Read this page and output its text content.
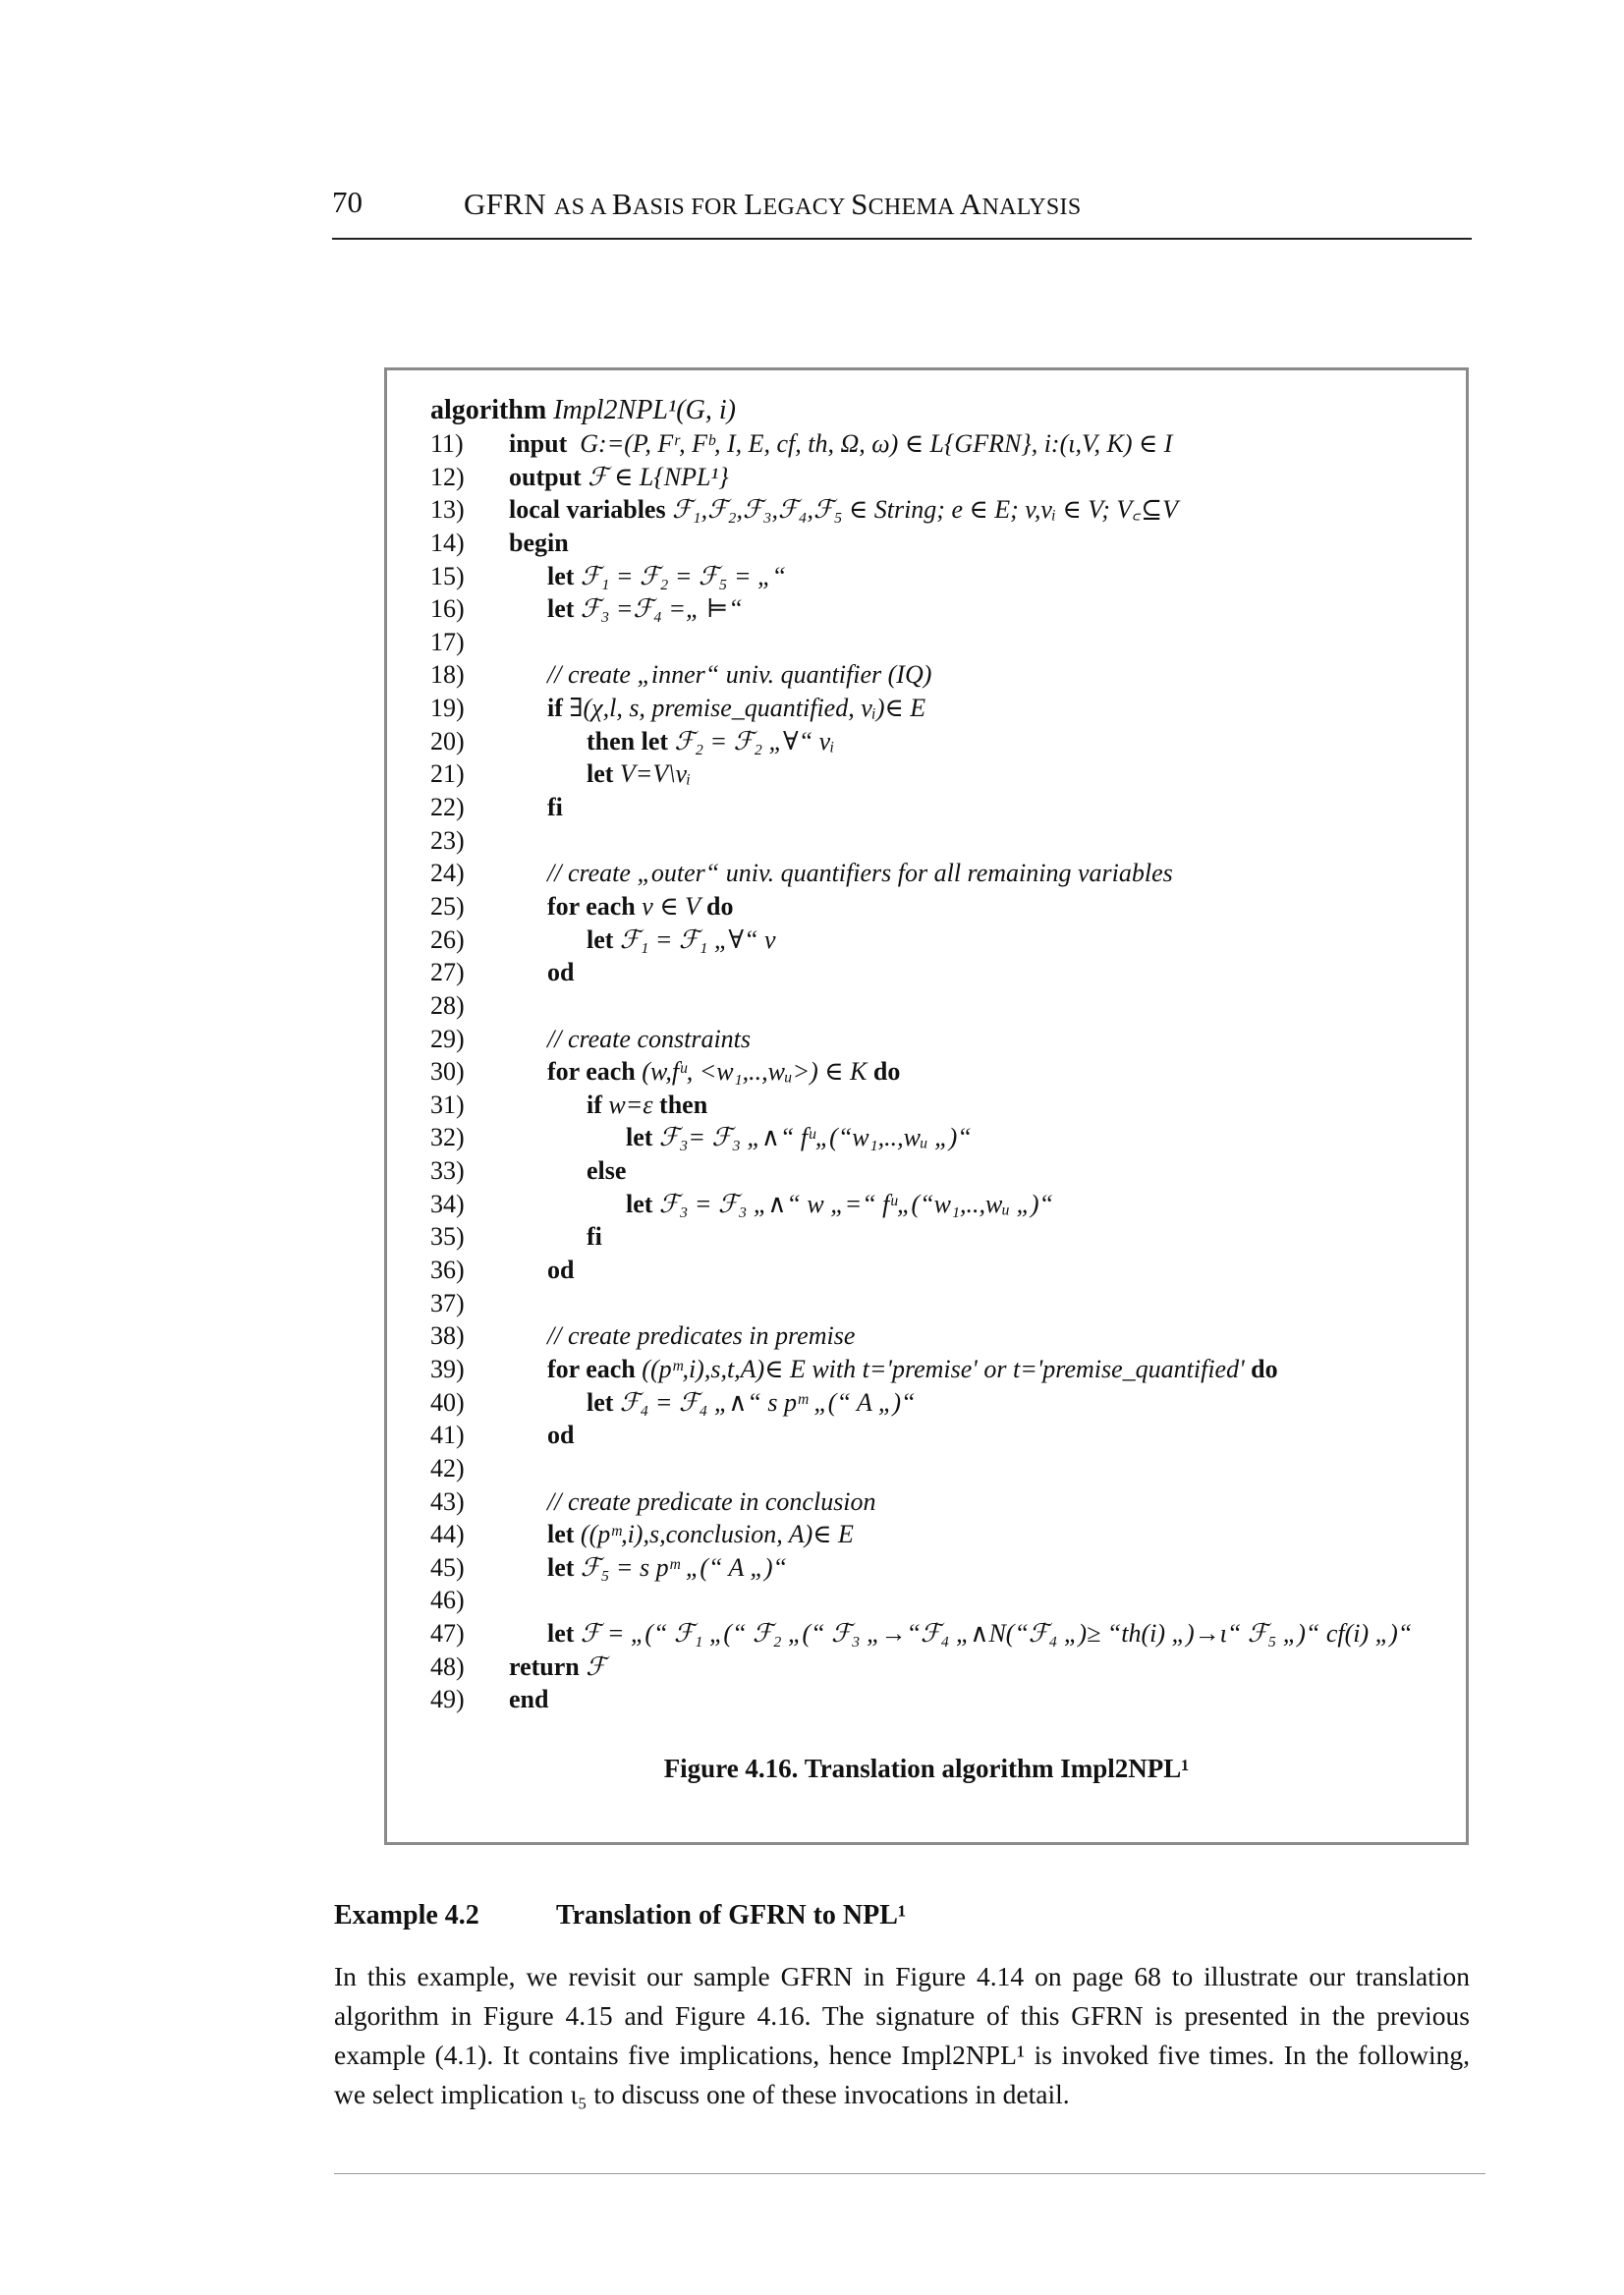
70	GFRN AS A BASIS FOR LEGACY SCHEMA ANALYSIS
algorithm Impl2NPL¹(G, i)
11) input  G:=(P, Fʳ, Fᵇ, I, E, cf, th, Ω, ω) ∈ L{GFRN}, i:(ι,V, K) ∈ I
12) output ℱ ∈ L{NPL¹}
13) local variables ℱ₁,ℱ₂,ℱ₃,ℱ₄,ℱ₅ ∈ String; e ∈ E; v,vᵢ ∈ V; V꜀⊆V
14) begin
15)	let ℱ₁ = ℱ₂ = ℱ₅ = „“
16)	let ℱ₃ =ℱ₄ =„ ⊨“
17)
18)	// create „inner“ univ. quantifier (IQ)
19)	if ∃(χ,l, s, premise_quantified, vᵢ)∈ E
20)	then let ℱ₂ = ℱ₂ „∀“ vᵢ
21)	let V=V\vᵢ
22)	fi
23)
24)	// create „outer“ univ. quantifiers for all remaining variables
25)	for each v ∈ V do
26)	let ℱ₁ = ℱ₁ „∀“ v
27)	od
28)
29)	// create constraints
30)	for each (w,fᵘ, <w₁,..,wᵤ>) ∈ K do
31)	if w=ε then
32)	let ℱ₃= ℱ₃ „∧“ fᵘ„(“w₁,..,wᵤ „)“
33)	else
34)	let ℱ₃ = ℱ₃ „∧“ w „=“ fᵘ„(“w₁,..,wᵤ „)“
35)	fi
36)	od
37)
38)	// create predicates in premise
39)	for each ((pᵐ,i),s,t,A)∈ E with t='premise' or t='premise_quantified' do
40)	let ℱ₄ = ℱ₄ „∧“ s pᵐ „(“ A „)“
41)	od
42)
43)	// create predicate in conclusion
44)	let ((pᵐ,i),s,conclusion, A)∈ E
45)	let ℱ₅ = s pᵐ „(“ A „)“
46)
47)	let ℱ = „(“ ℱ₁ „(“ ℱ₂ „(“ ℱ₃ „→“ℱ₄ „∧N(“ℱ₄ „)≥ “th(i) „)→ι“ ℱ₅ „)“ cf(i) „)“
48) return ℱ
49) end
Figure 4.16. Translation algorithm Impl2NPL¹
Example 4.2	Translation of GFRN to NPL¹
In this example, we revisit our sample GFRN in Figure 4.14 on page 68 to illustrate our translation algorithm in Figure 4.15 and Figure 4.16. The signature of this GFRN is presented in the previous example (4.1). It contains five implications, hence Impl2NPL¹ is invoked five times. In the following, we select implication ι₅ to discuss one of these invocations in detail.
